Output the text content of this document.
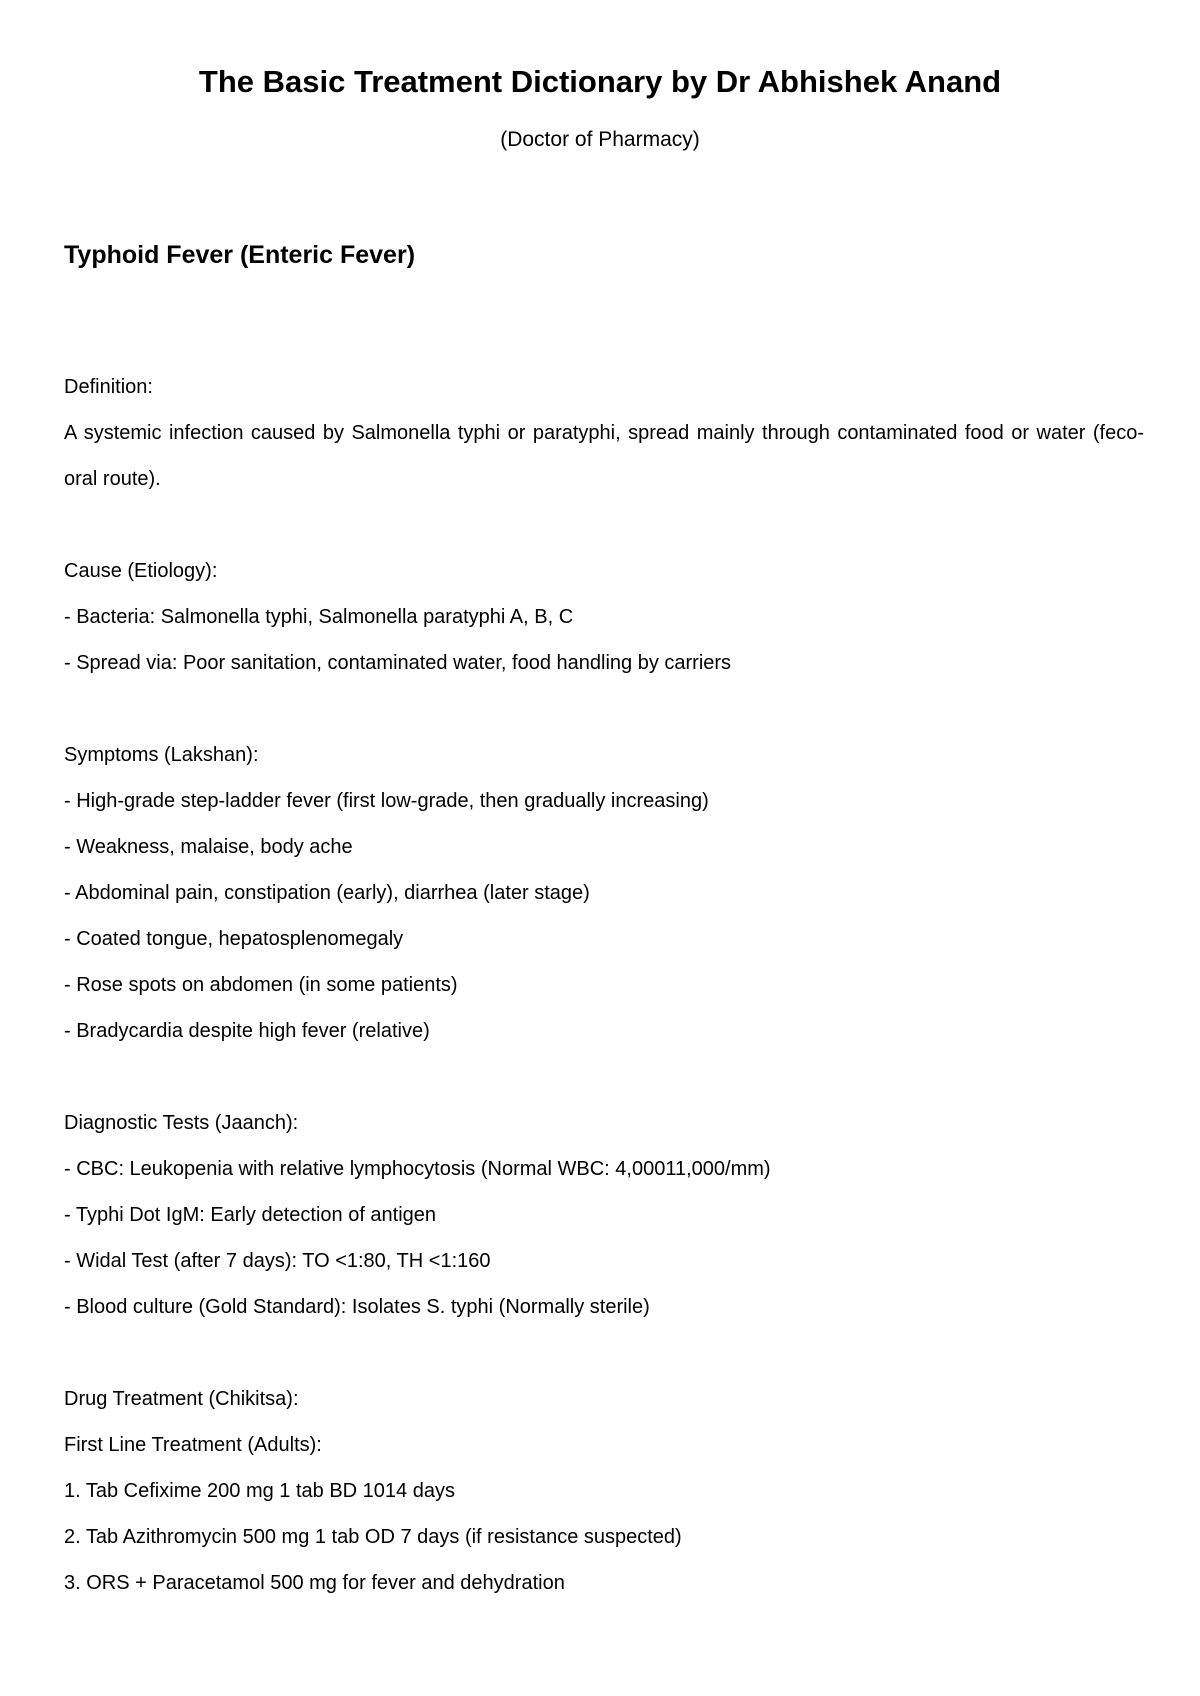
The Basic Treatment Dictionary by Dr Abhishek Anand

(Doctor of Pharmacy)

Typhoid Fever (Enteric Fever)

Definition:

A systemic infection caused by Salmonella typhi or paratyphi, spread mainly through contaminated food or water (feco-oral route).

Cause (Etiology):

- Bacteria: Salmonella typhi, Salmonella paratyphi A, B, C

- Spread via: Poor sanitation, contaminated water, food handling by carriers

Symptoms (Lakshan):

- High-grade step-ladder fever (first low-grade, then gradually increasing)

- Weakness, malaise, body ache

- Abdominal pain, constipation (early), diarrhea (later stage)

- Coated tongue, hepatosplenomegaly

- Rose spots on abdomen (in some patients)

- Bradycardia despite high fever (relative)

Diagnostic Tests (Jaanch):

- CBC: Leukopenia with relative lymphocytosis (Normal WBC: 4,00011,000/mm)

- Typhi Dot IgM: Early detection of antigen

- Widal Test (after 7 days): TO <1:80, TH <1:160

- Blood culture (Gold Standard): Isolates S. typhi (Normally sterile)

Drug Treatment (Chikitsa):

First Line Treatment (Adults):

1. Tab Cefixime 200 mg 1 tab BD 1014 days

2. Tab Azithromycin 500 mg 1 tab OD 7 days (if resistance suspected)

3. ORS + Paracetamol 500 mg for fever and dehydration
